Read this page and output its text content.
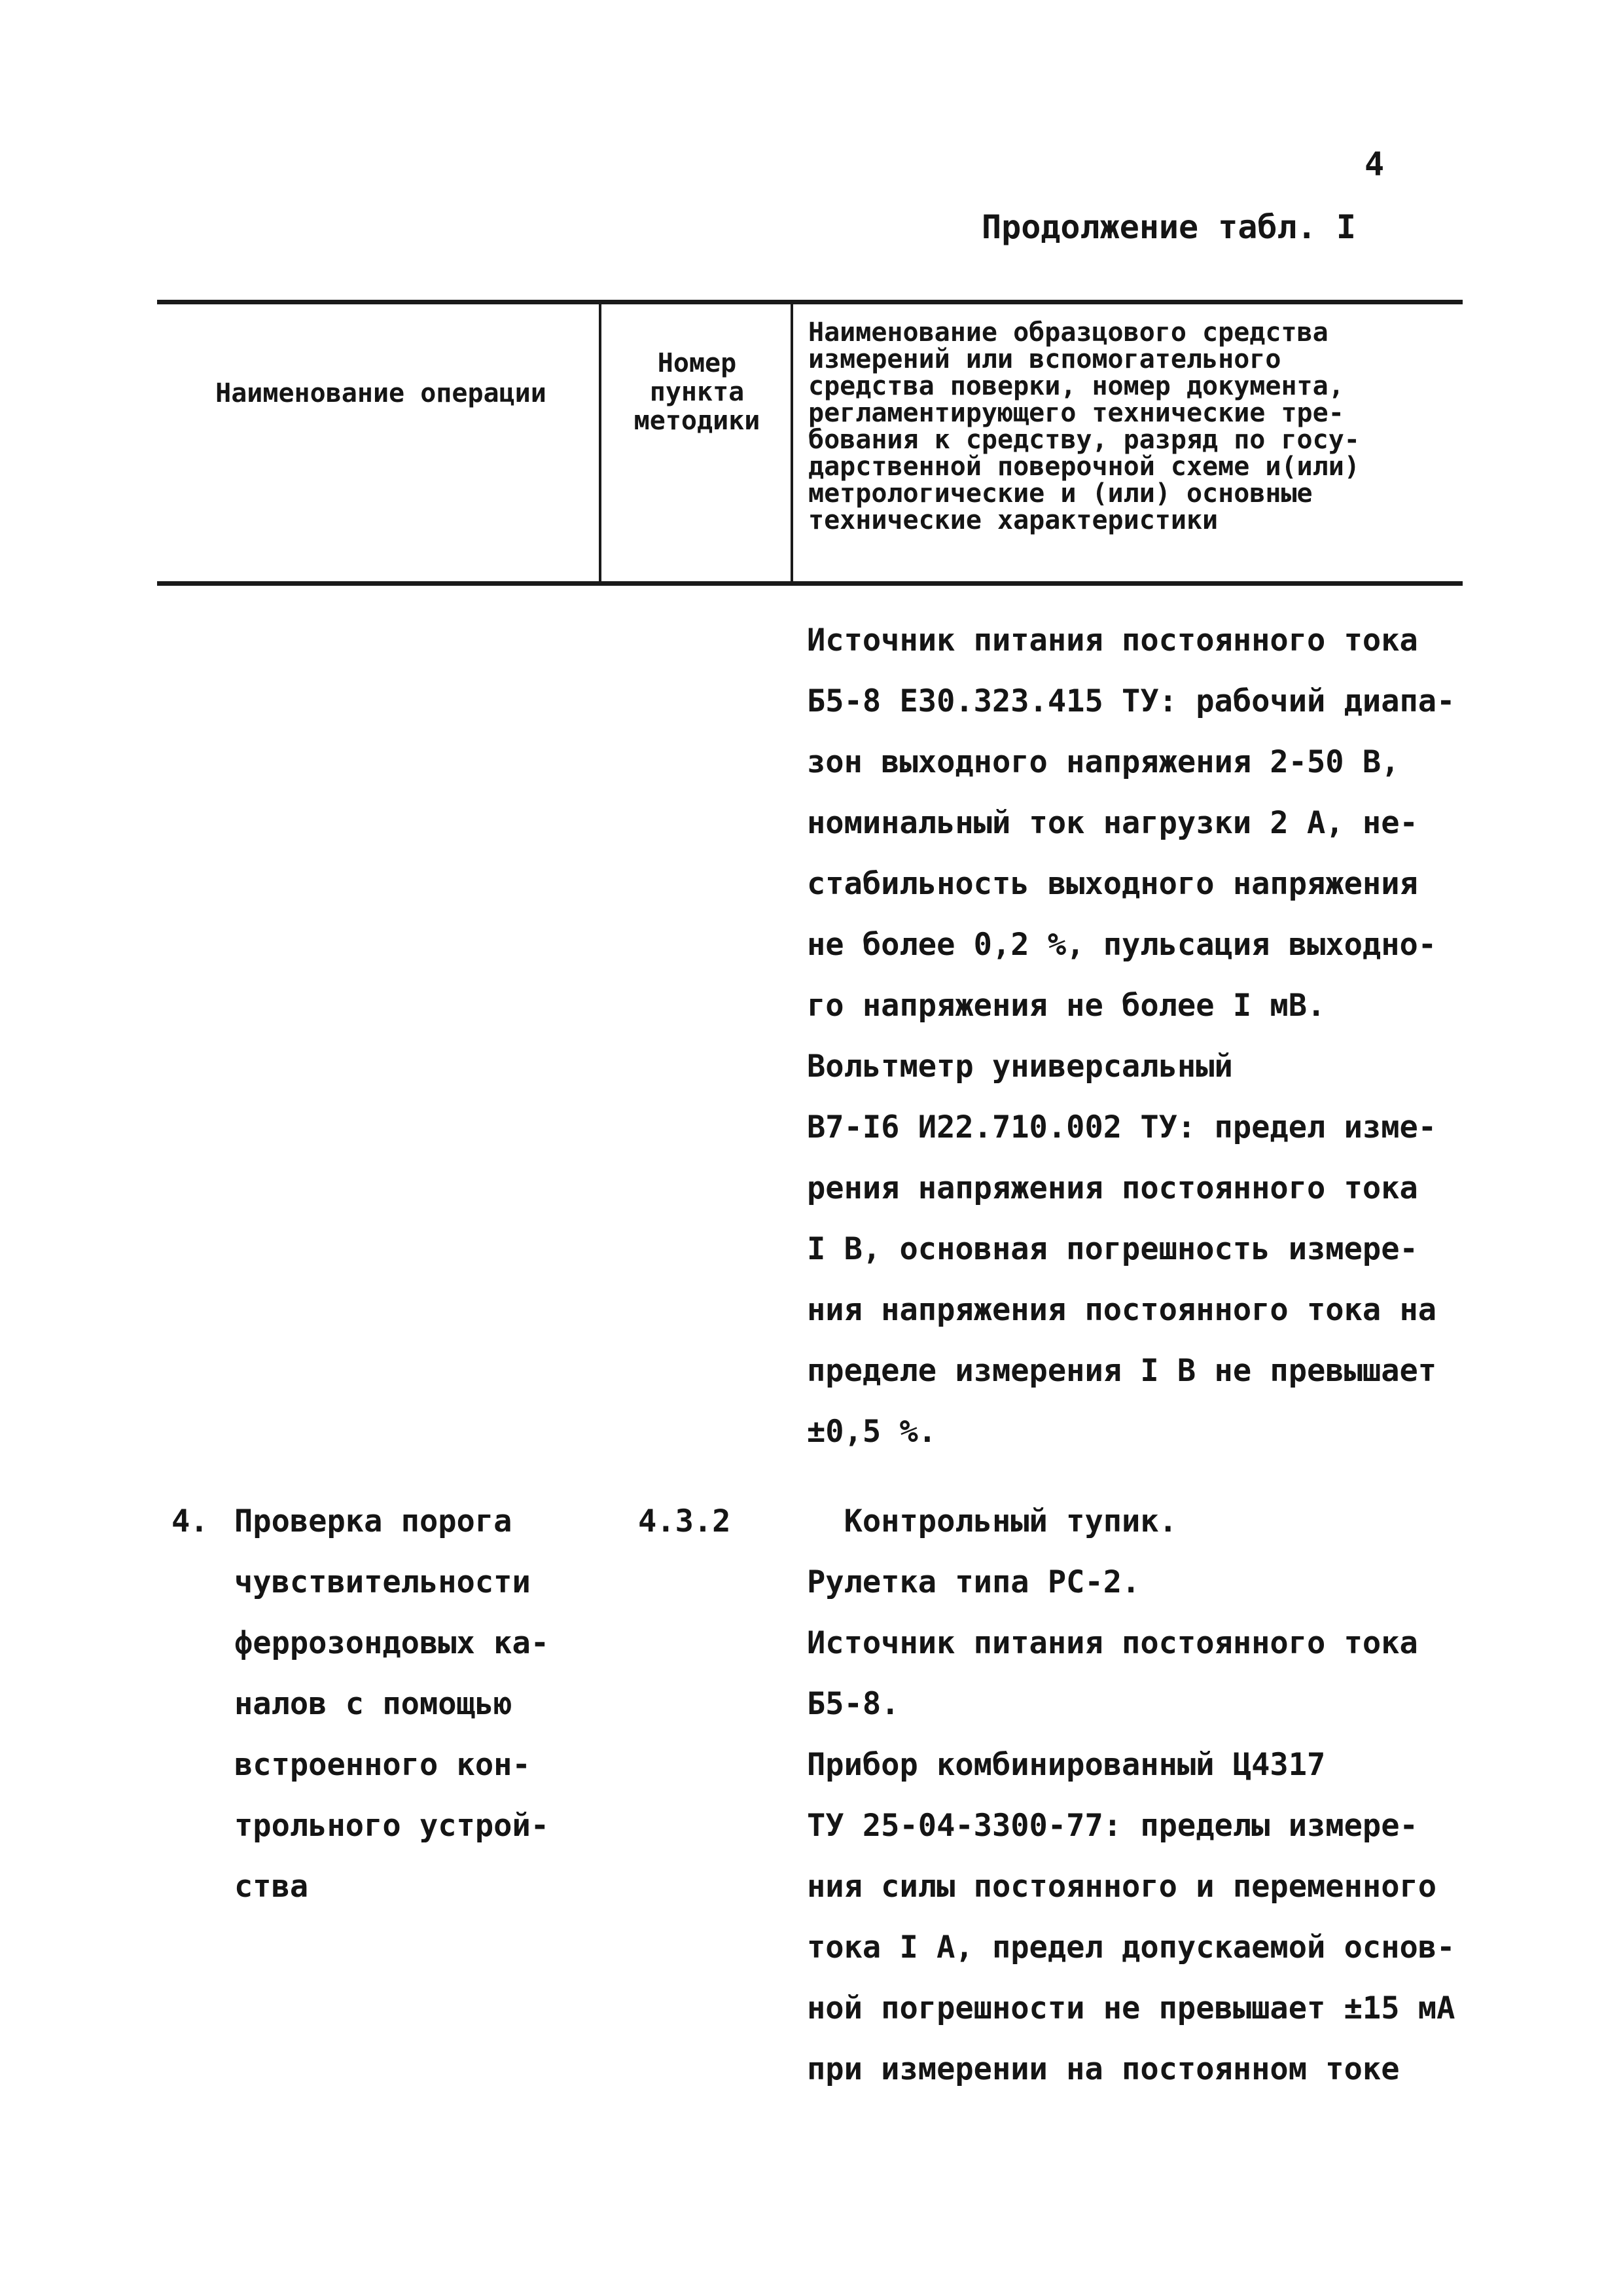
4
Продолжение табл. I
Наименование операции
Номер
пункта
методики
Наименование образцового средства
измерений или вспомогательного
средства поверки, номер документа,
регламентирующего технические тре-
бования к средству, разряд по госу-
дарственной поверочной схеме и(или)
метрологические и (или) основные
технические характеристики
Источник питания постоянного тока
Б5-8 Е30.323.415 ТУ: рабочий диапа-
зон выходного напряжения 2-50 В,
номинальный ток нагрузки 2 А, не-
стабильность выходного напряжения
не более 0,2 %, пульсация выходно-
го напряжения не более I мВ.
Вольтметр универсальный
В7-I6 И22.710.002 ТУ: предел изме-
рения напряжения постоянного тока
I В, основная погрешность измере-
ния напряжения постоянного тока на
пределе измерения I В не превышает
±0,5 %.
4. Проверка порога
чувствительности
феррозондовых ка-
налов с помощью
встроенного кон-
трольного устрой-
ства
4.3.2 Контрольный тупик.
Рулетка типа РС-2.
Источник питания постоянного тока
Б5-8.
Прибор комбинированный Ц4317
ТУ 25-04-3300-77: пределы измере-
ния силы постоянного и переменного
тока I А, предел допускаемой основ-
ной погрешности не превышает ±15 мА
при измерении на постоянном токе
